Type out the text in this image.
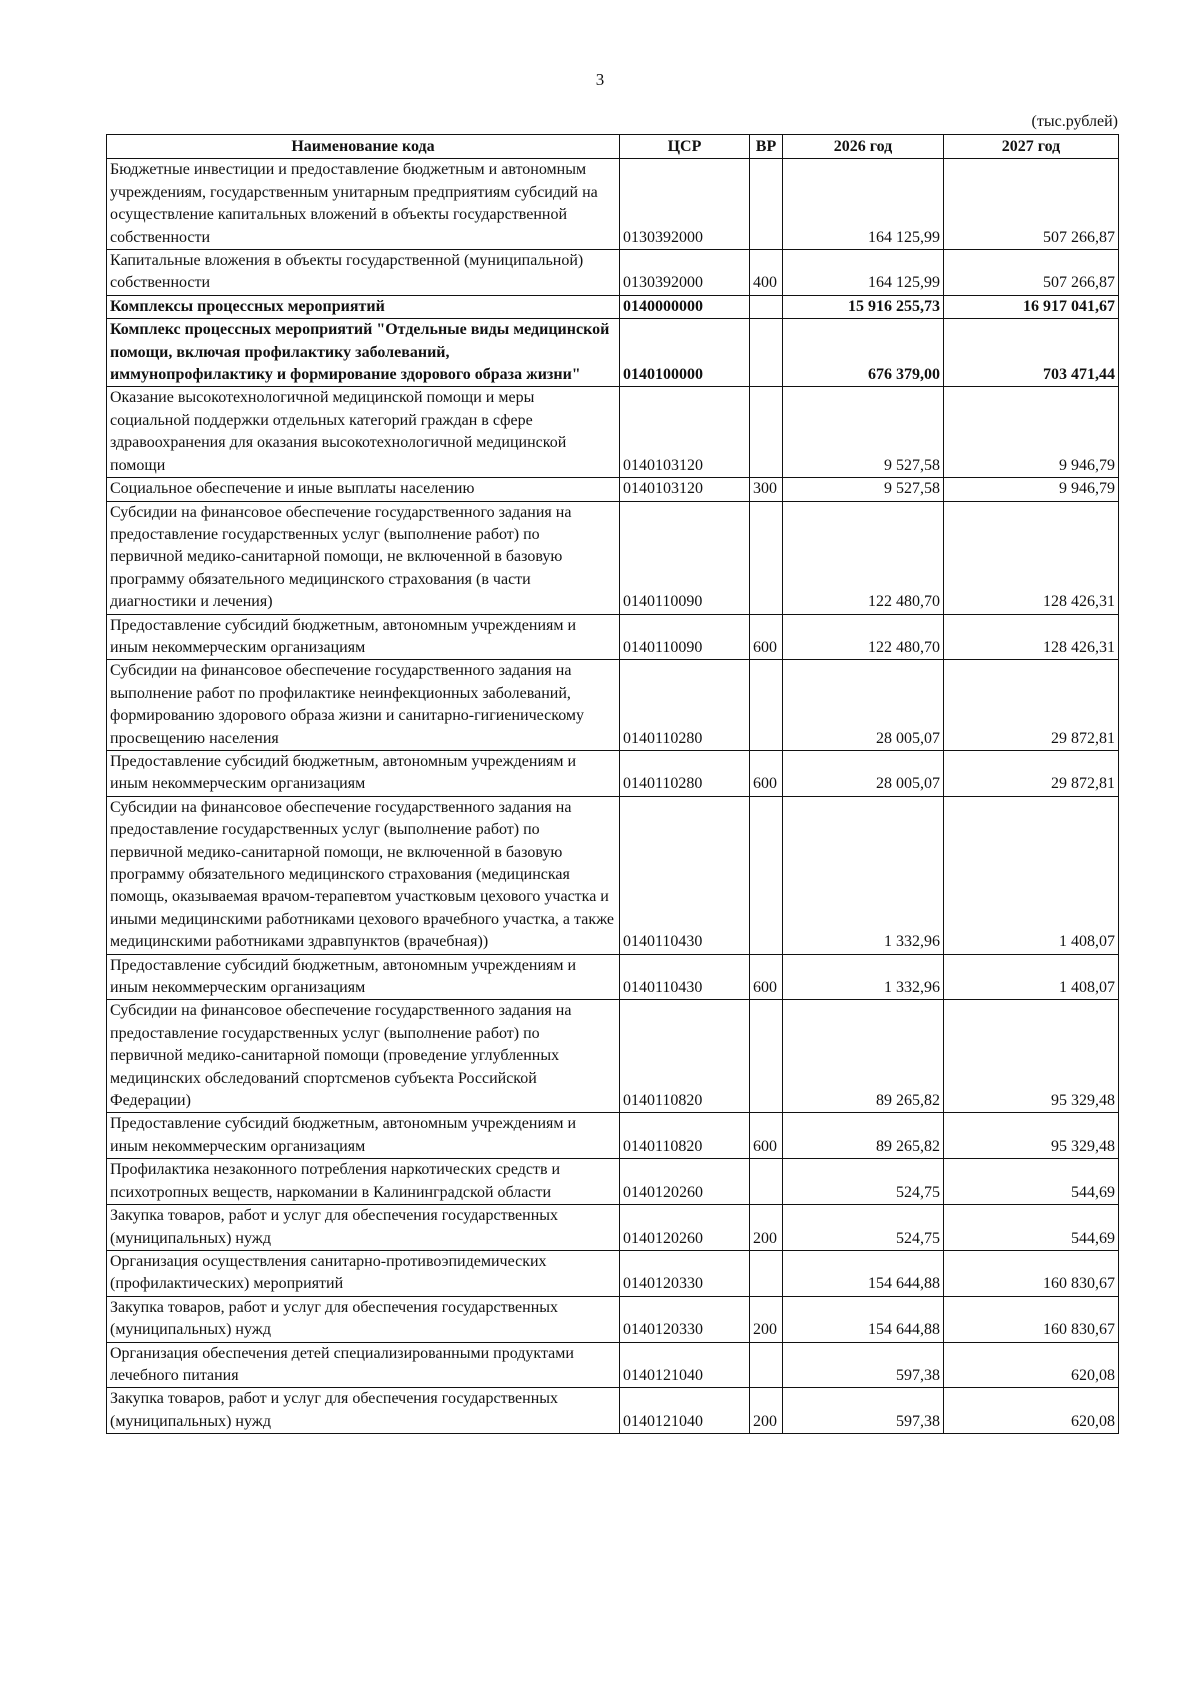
3
(тыс.рублей)
Наименование кода	ЦСР	ВР	2026 год	2027 год
Бюджетные инвестиции и предоставление бюджетным и автономным учреждениям, государственным унитарным предприятиям субсидий на осуществление капитальных вложений в объекты государственной собственности	0130392000		164 125,99	507 266,87
Капитальные вложения в объекты государственной (муниципальной) собственности	0130392000	400	164 125,99	507 266,87
Комплексы процессных мероприятий	0140000000		15 916 255,73	16 917 041,67
Комплекс процессных мероприятий "Отдельные виды медицинской помощи, включая профилактику заболеваний, иммунопрофилактику и формирование здорового образа жизни"	0140100000		676 379,00	703 471,44
Оказание высокотехнологичной медицинской помощи и меры социальной поддержки отдельных категорий граждан в сфере здравоохранения для оказания высокотехнологичной медицинской помощи	0140103120		9 527,58	9 946,79
Социальное обеспечение и иные выплаты населению	0140103120	300	9 527,58	9 946,79
Субсидии на финансовое обеспечение государственного задания на предоставление государственных услуг (выполнение работ) по первичной медико-санитарной помощи, не включенной в базовую программу обязательного медицинского страхования (в части диагностики и лечения)	0140110090		122 480,70	128 426,31
Предоставление субсидий бюджетным, автономным учреждениям и иным некоммерческим организациям	0140110090	600	122 480,70	128 426,31
Субсидии на финансовое обеспечение государственного задания на выполнение работ по профилактике неинфекционных заболеваний, формированию здорового образа жизни и санитарно-гигиеническому просвещению населения	0140110280		28 005,07	29 872,81
Предоставление субсидий бюджетным, автономным учреждениям и иным некоммерческим организациям	0140110280	600	28 005,07	29 872,81
Субсидии на финансовое обеспечение государственного задания на предоставление государственных услуг (выполнение работ) по первичной медико-санитарной помощи, не включенной в базовую программу обязательного медицинского страхования (медицинская помощь, оказываемая врачом-терапевтом участковым цехового участка и иными медицинскими работниками цехового врачебного участка, а также медицинскими работниками здравпунктов (врачебная))	0140110430		1 332,96	1 408,07
Предоставление субсидий бюджетным, автономным учреждениям и иным некоммерческим организациям	0140110430	600	1 332,96	1 408,07
Субсидии на финансовое обеспечение государственного задания на предоставление государственных услуг (выполнение работ) по первичной медико-санитарной помощи (проведение углубленных медицинских обследований спортсменов субъекта Российской Федерации)	0140110820		89 265,82	95 329,48
Предоставление субсидий бюджетным, автономным учреждениям и иным некоммерческим организациям	0140110820	600	89 265,82	95 329,48
Профилактика незаконного потребления наркотических средств и психотропных веществ, наркомании в Калининградской области	0140120260		524,75	544,69
Закупка товаров, работ и услуг для обеспечения государственных (муниципальных) нужд	0140120260	200	524,75	544,69
Организация осуществления санитарно-противоэпидемических (профилактических) мероприятий	0140120330		154 644,88	160 830,67
Закупка товаров, работ и услуг для обеспечения государственных (муниципальных) нужд	0140120330	200	154 644,88	160 830,67
Организация обеспечения детей специализированными продуктами лечебного питания	0140121040		597,38	620,08
Закупка товаров, работ и услуг для обеспечения государственных (муниципальных) нужд	0140121040	200	597,38	620,08
